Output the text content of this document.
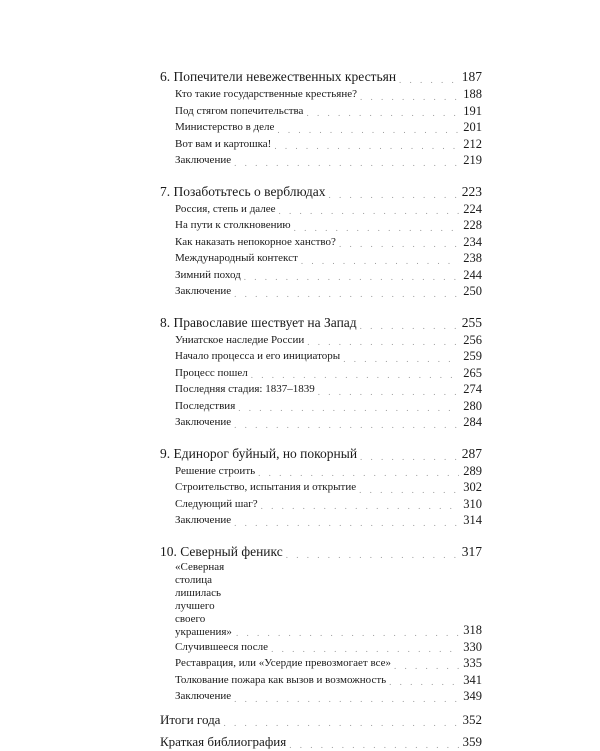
6. Попечители невежественных крестьян . . .	187
Кто такие государственные крестьяне? . . .	188
Под стягом попечительства . . .	191
Министерство в деле . . .	201
Вот вам и картошка! . . .	212
Заключение . . .	219
7. Позаботьтесь о верблюдах . . .	223
Россия, степь и далее . . .	224
На пути к столкновению . . .	228
Как наказать непокорное ханство? . . .	234
Международный контекст . . .	238
Зимний поход . . .	244
Заключение . . .	250
8. Православие шествует на Запад . . .	255
Униатское наследие России . . .	256
Начало процесса и его инициаторы . . .	259
Процесс пошел . . .	265
Последняя стадия: 1837–1839 . . .	274
Последствия . . .	280
Заключение . . .	284
9. Единорог буйный, но покорный . . .	287
Решение строить . . .	289
Строительство, испытания и открытие . . .	302
Следующий шаг? . . .	310
Заключение . . .	314
10. Северный феникс . . .	317
«Северная столица лишилась
лучшего своего украшения» . . .	318
Случившееся после . . .	330
Реставрация, или «Усердие превозмогает все» . . .	335
Толкование пожара как вызов и возможность . . .	341
Заключение . . .	349
Итоги года . . .	352
Краткая библиография . . .	359
